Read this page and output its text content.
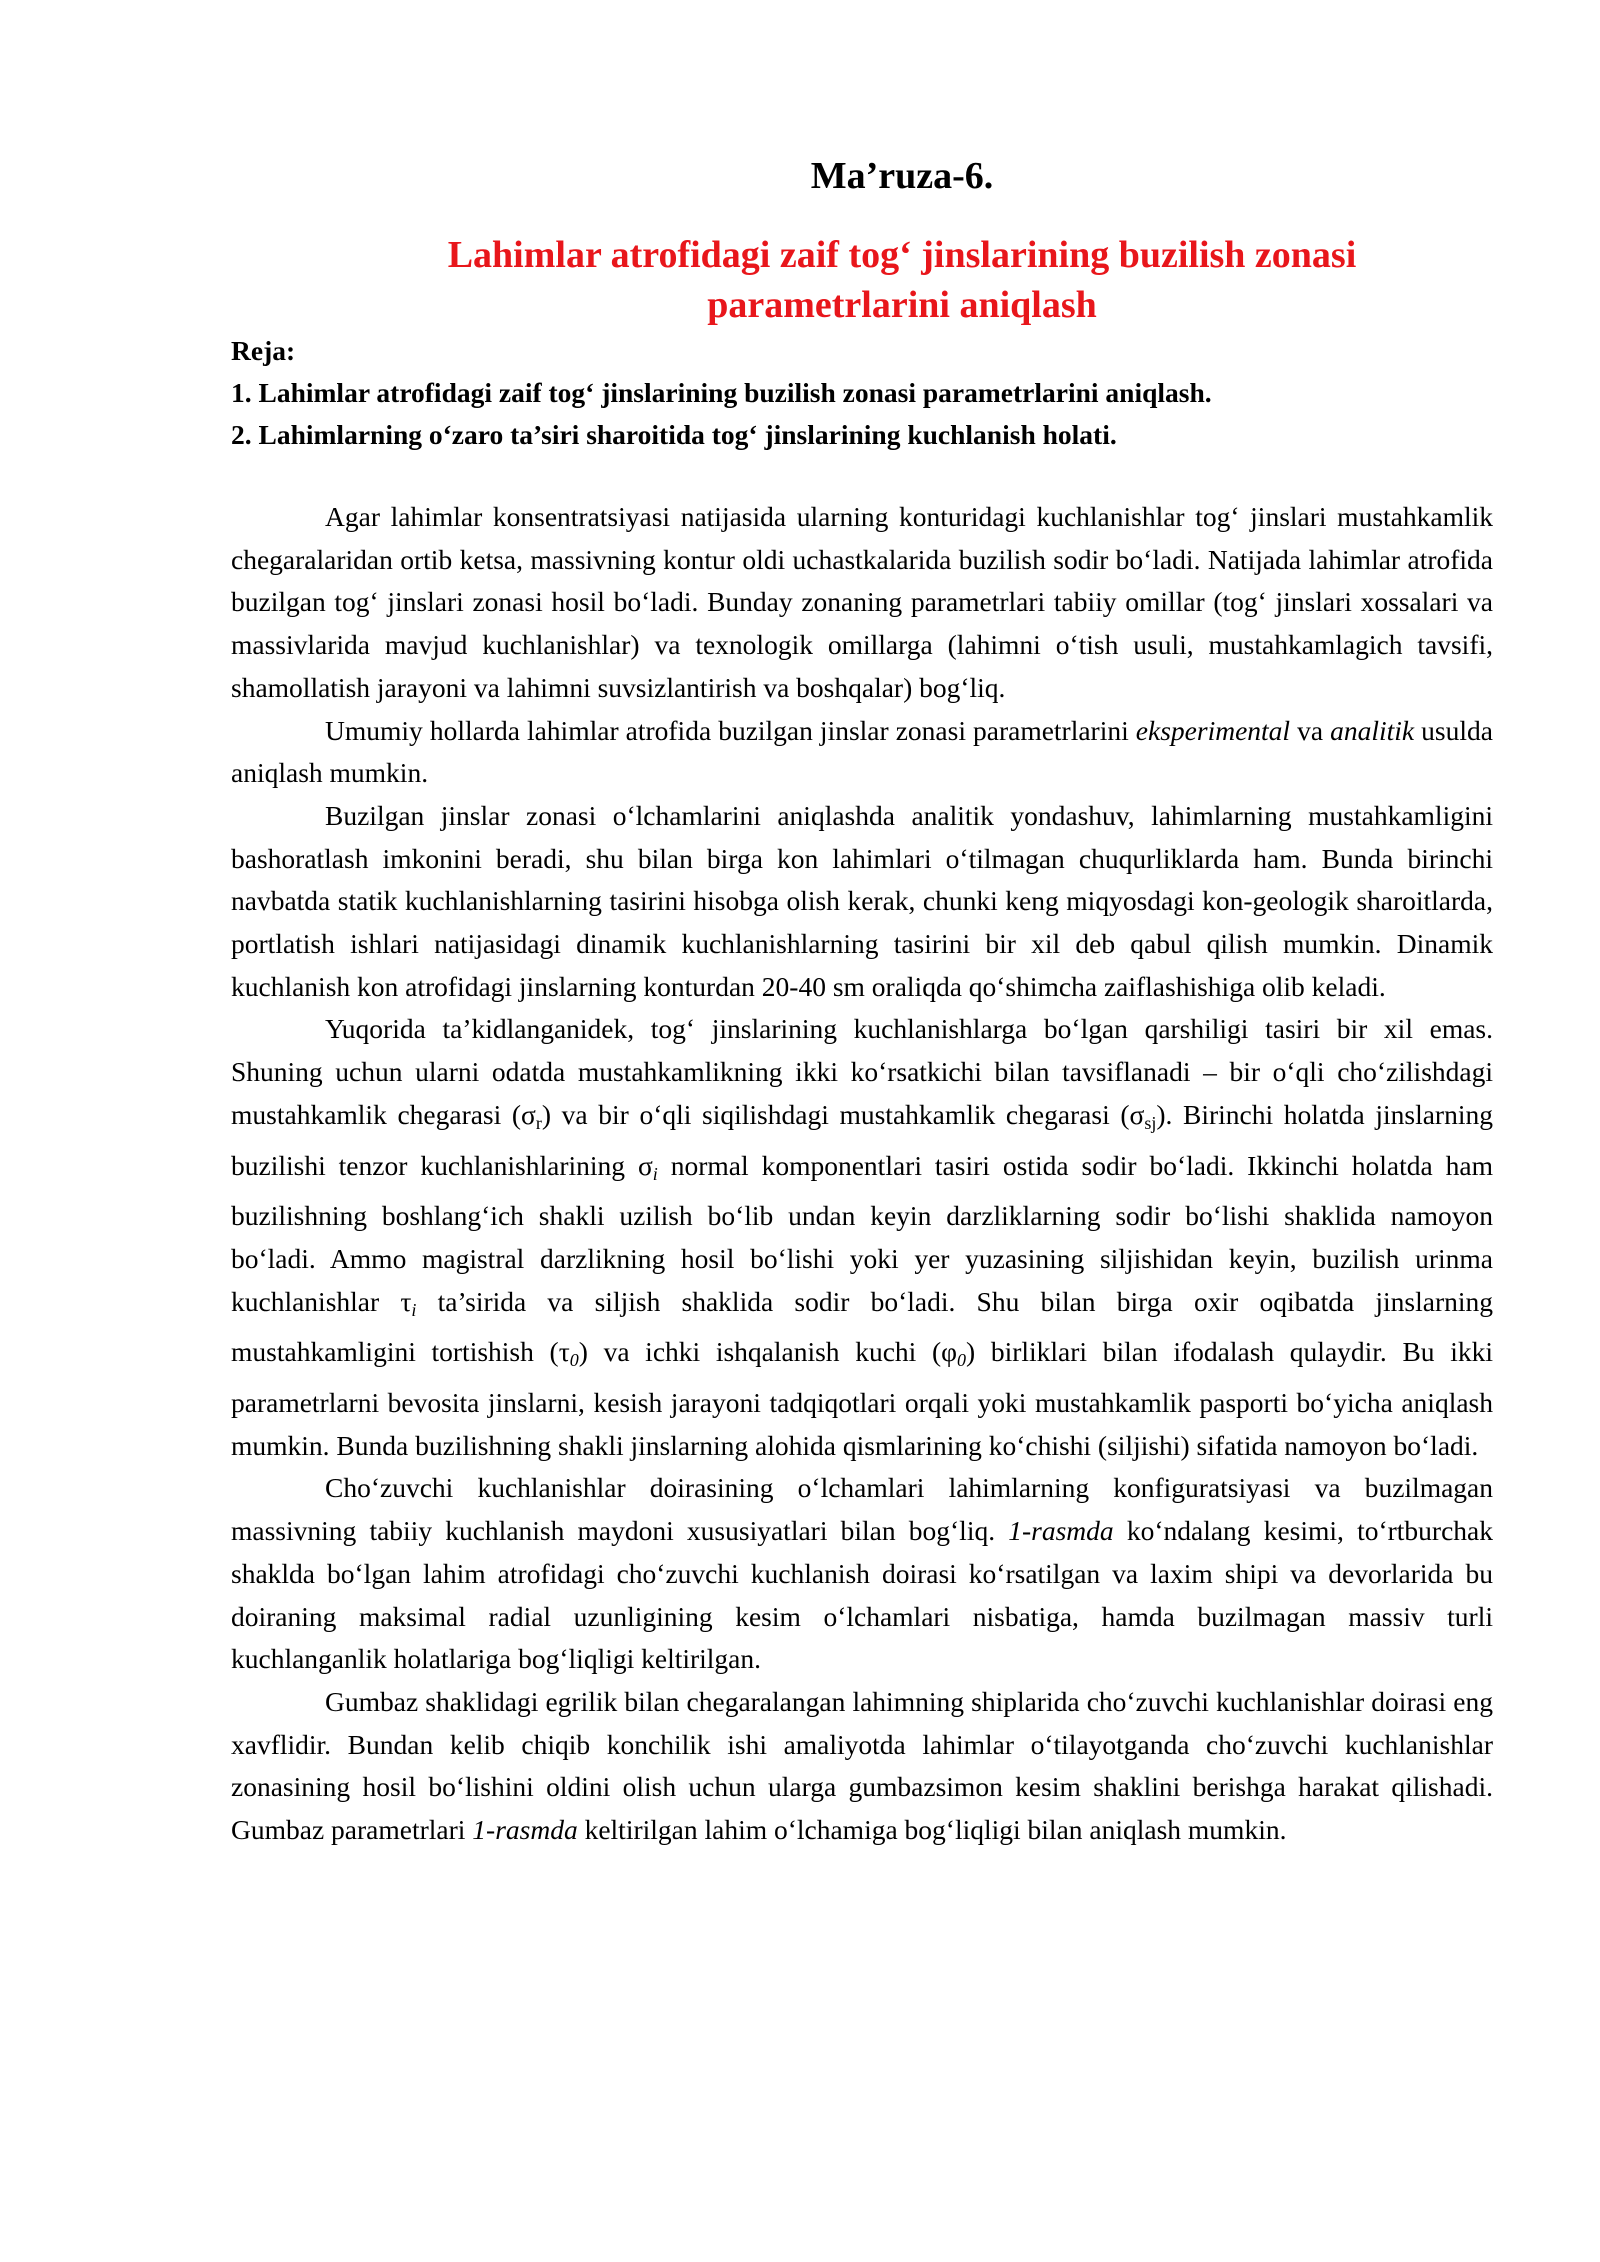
Ma’ruza-6.

Lahimlar atrofidagi zaif tog‘ jinslarining buzilish zonasi
parametrlarini aniqlash

Reja:

1. Lahimlar atrofidagi zaif tog‘ jinslarining buzilish zonasi parametrlarini aniqlash.

2. Lahimlarning o‘zaro ta’siri sharoitida tog‘ jinslarining kuchlanish holati.

Agar lahimlar konsentratsiyasi natijasida ularning konturidagi kuchlanishlar tog‘ jinslari mustahkamlik chegaralaridan ortib ketsa, massivning kontur oldi uchastkalarida buzilish sodir bo‘ladi. Natijada lahimlar atrofida buzilgan tog‘ jinslari zonasi hosil bo‘ladi. Bunday zonaning parametrlari tabiiy omillar (tog‘ jinslari xossalari va massivlarida mavjud kuchlanishlar) va texnologik omillarga (lahimni o‘tish usuli, mustahkamlagich tavsifi, shamollatish jarayoni va lahimni suvsizlantirish va boshqalar) bog‘liq.

Umumiy hollarda lahimlar atrofida buzilgan jinslar zonasi parametrlarini eksperimental va analitik usulda aniqlash mumkin.

Buzilgan jinslar zonasi o‘lchamlarini aniqlashda analitik yondashuv, lahimlarning mustahkamligini bashoratlash imkonini beradi, shu bilan birga kon lahimlari o‘tilmagan chuqurliklarda ham. Bunda birinchi navbatda statik kuchlanishlarning tasirini hisobga olish kerak, chunki keng miqyosdagi kon-geologik sharoitlarda, portlatish ishlari natijasidagi dinamik kuchlanishlarning tasirini bir xil deb qabul qilish mumkin. Dinamik kuchlanish kon atrofidagi jinslarning konturdan 20-40 sm oraliqda qo‘shimcha zaiflashishiga olib keladi.

Yuqorida ta’kidlanganidek, tog‘ jinslarining kuchlanishlarga bo‘lgan qarshiligi tasiri bir xil emas. Shuning uchun ularni odatda mustahkamlikning ikki ko‘rsatkichi bilan tavsiflanadi – bir o‘qli cho‘zilishdagi mustahkamlik chegarasi $(\sigma_r)$ va bir o‘qli siqilishdagi mustahkamlik chegarasi $(\sigma_{sj})$. Birinchi holatda jinslarning buzilishi tenzor kuchlanishlarining $\sigma_i$ normal komponentlari tasiri ostida sodir bo‘ladi. Ikkinchi holatda ham buzilishning boshlang‘ich shakli uzilish bo‘lib undan keyin darzliklarning sodir bo‘lishi shaklida namoyon bo‘ladi. Ammo magistral darzlikning hosil bo‘lishi yoki yer yuzasining siljishidan keyin, buzilish urinma kuchlanishlar $\tau_i$ ta’sirida va siljish shaklida sodir bo‘ladi. Shu bilan birga oxir oqibatda jinslarning mustahkamligini tortishish $(\tau_0)$ va ichki ishqalanish kuchi $(\varphi_0)$ birliklari bilan ifodalash qulaydir. Bu ikki parametrlarni bevosita jinslarni, kesish jarayoni tadqiqotlari orqali yoki mustahkamlik pasporti bo‘yicha aniqlash mumkin. Bunda buzilishning shakli jinslarning alohida qismlarining ko‘chishi (siljishi) sifatida namoyon bo‘ladi.

Cho‘zuvchi kuchlanishlar doirasining o‘lchamlari lahimlarning konfiguratsiyasi va buzilmagan massivning tabiiy kuchlanish maydoni xususiyatlari bilan bog‘liq. 1-rasmda ko‘ndalang kesimi, to‘rtburchak shaklda bo‘lgan lahim atrofidagi cho‘zuvchi kuchlanish doirasi ko‘rsatilgan va laxim shipi va devorlarida bu doiraning maksimal radial uzunligining kesim o‘lchamlari nisbatiga, hamda buzilmagan massiv turli kuchlanganlik holatlariga bog‘liqligi keltirilgan.

Gumbaz shaklidagi egrilik bilan chegaralangan lahimning shiplarida cho‘zuvchi kuchlanishlar doirasi eng xavflidir. Bundan kelib chiqib konchilik ishi amaliyotda lahimlar o‘tilayotganda cho‘zuvchi kuchlanishlar zonasining hosil bo‘lishini oldini olish uchun ularga gumbazsimon kesim shaklini berishga harakat qilishadi. Gumbaz parametrlari 1-rasmda keltirilgan lahim o‘lchamiga bog‘liqligi bilan aniqlash mumkin.
